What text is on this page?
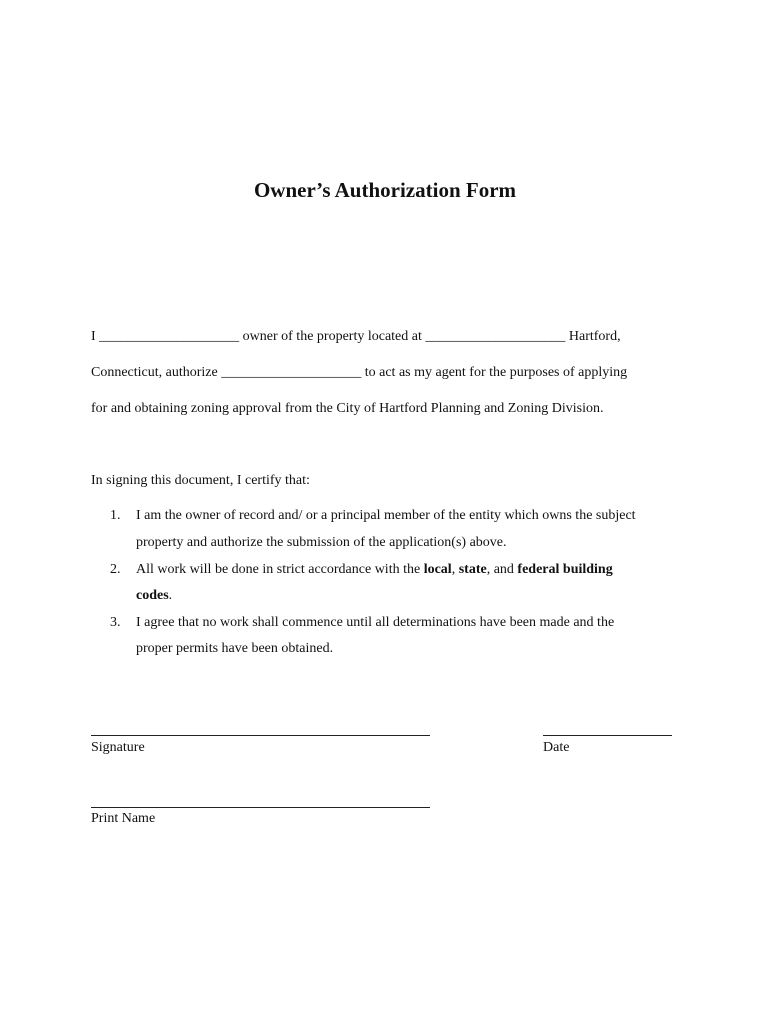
Owner’s Authorization Form
I ____________________ owner of the property located at ____________________ Hartford,
Connecticut, authorize ____________________ to act as my agent for the purposes of applying
for and obtaining zoning approval from the City of Hartford Planning and Zoning Division.
In signing this document, I certify that:
1. I am the owner of record and/ or a principal member of the entity which owns the subject
property and authorize the submission of the application(s) above.
2. All work will be done in strict accordance with the local, state, and federal building
codes.
3. I agree that no work shall commence until all determinations have been made and the
proper permits have been obtained.
Signature	Date
Print Name
